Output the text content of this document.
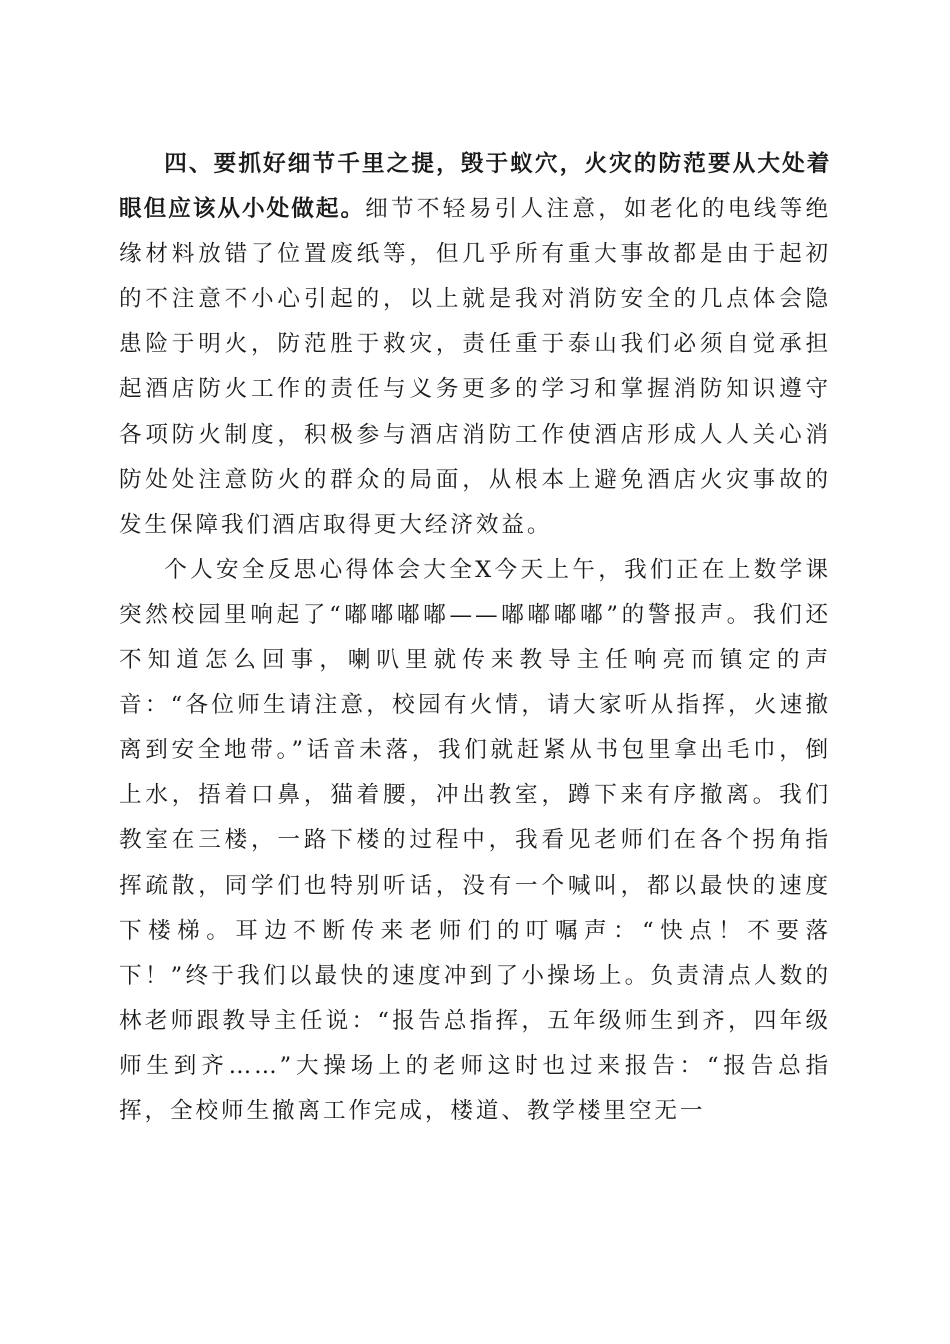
四、要抓好细节千里之提，毁于蚁穴，火灾的防范要从大处着眼但应该从小处做起。细节不轻易引人注意，如老化的电线等绝缘材料放错了位置废纸等，但几乎所有重大事故都是由于起初的不注意不小心引起的，以上就是我对消防安全的几点体会隐患险于明火，防范胜于救灾，责任重于泰山我们必须自觉承担起酒店防火工作的责任与义务更多的学习和掌握消防知识遵守各项防火制度，积极参与酒店消防工作使酒店形成人人关心消防处处注意防火的群众的局面，从根本上避免酒店火灾事故的发生保障我们酒店取得更大经济效益。

个人安全反思心得体会大全X今天上午，我们正在上数学课突然校园里响起了“嘟嘟嘟嘟——嘟嘟嘟嘟”的警报声。我们还不知道怎么回事，喇叭里就传来教导主任响亮而镇定的声音：“各位师生请注意，校园有火情，请大家听从指挥，火速撤离到安全地带。”话音未落，我们就赶紧从书包里拿出毛巾，倒上水，捂着口鼻，猫着腰，冲出教室，蹲下来有序撤离。我们教室在三楼，一路下楼的过程中，我看见老师们在各个拐角指挥疏散，同学们也特别听话，没有一个喊叫，都以最快的速度下楼梯。耳边不断传来老师们的叮嘱声：“快点！不要落下！”终于我们以最快的速度冲到了小操场上。负责清点人数的林老师跟教导主任说：“报告总指挥，五年级师生到齐，四年级师生到齐……”大操场上的老师这时也过来报告：“报告总指挥，全校师生撤离工作完成，楼道、教学楼里空无一
